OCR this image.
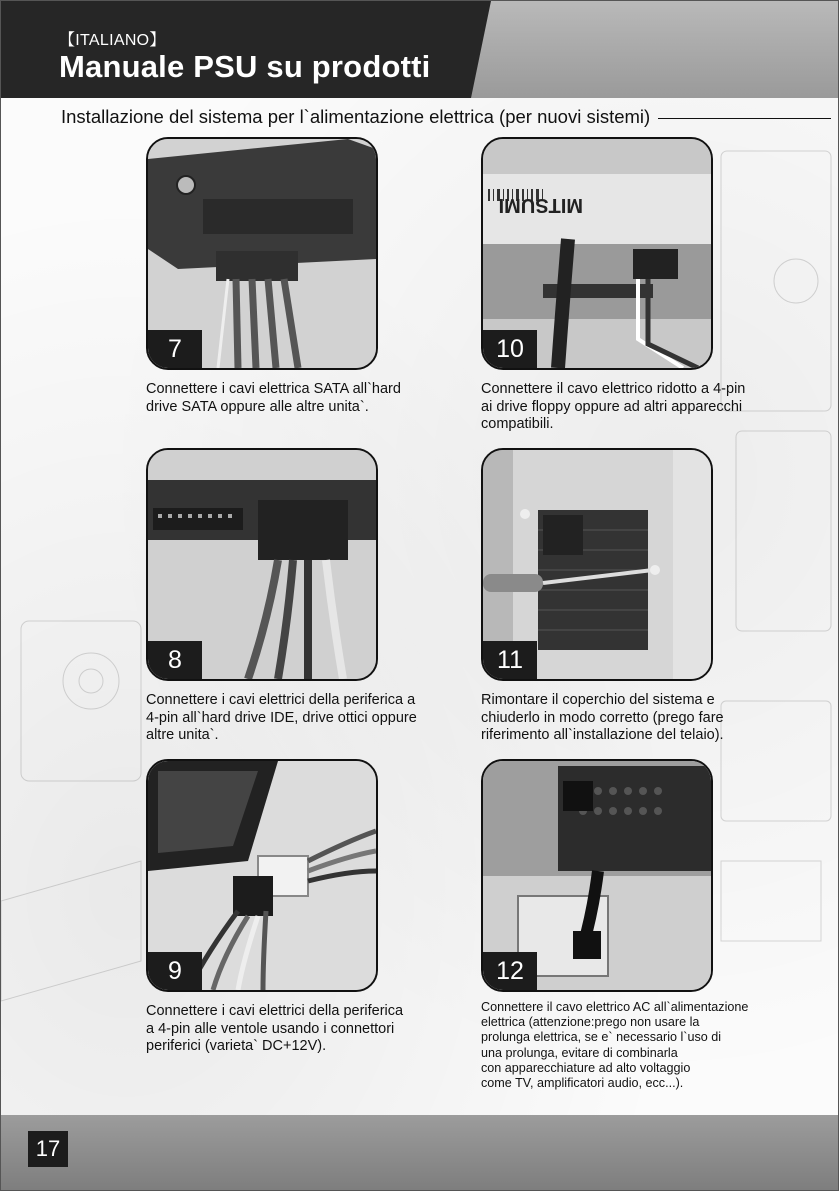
【ITALIANO】
Manuale PSU su prodotti
Installazione del sistema per l`alimentazione elettrica (per nuovi sistemi)
7
Connettere i cavi elettrica SATA all`hard
drive SATA oppure alle altre unita`.
MITSUMI
10
Connettere il cavo elettrico ridotto a 4-pin
ai drive floppy oppure ad altri apparecchi
compatibili.
8
Connettere i cavi elettrici della periferica a
4-pin all`hard drive IDE, drive ottici oppure
altre unita`.
11
Rimontare il coperchio del sistema e
chiuderlo in modo corretto (prego fare
riferimento all`installazione del telaio).
9
Connettere i cavi elettrici della periferica
a 4-pin alle ventole usando i connettori
periferici (varieta` DC+12V).
12
Connettere il cavo elettrico AC all`alimentazione
elettrica (attenzione:prego non usare la
prolunga elettrica, se e` necessario l`uso di
una prolunga, evitare di combinarla
con apparecchiature ad alto voltaggio
come TV, amplificatori audio, ecc...).
17
